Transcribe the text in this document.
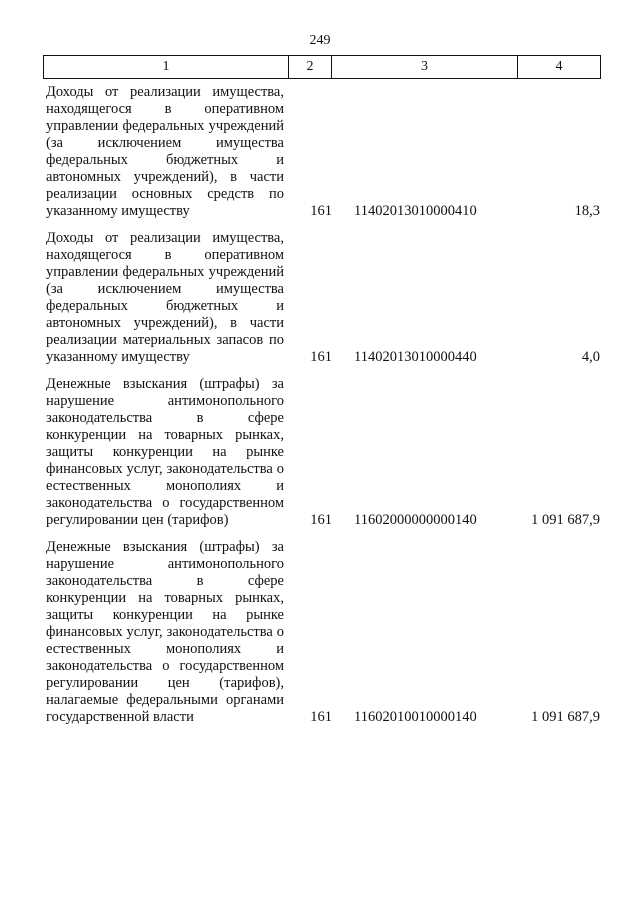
249
1	2	3	4
Доходы от реализации имущества, находящегося в оперативном управлении федеральных учреждений (за исключением имущества федеральных бюджетных и автономных учреждений), в части реализации основных средств по указанному имуществу	161	11402013010000410	18,3
Доходы от реализации имущества, находящегося в оперативном управлении федеральных учреждений (за исключением имущества федеральных бюджетных и автономных учреждений), в части реализации материальных запасов по указанному имуществу	161	11402013010000440	4,0
Денежные взыскания (штрафы) за нарушение антимонопольного законодательства в сфере конкуренции на товарных рынках, защиты конкуренции на рынке финансовых услуг, законодательства о естественных монополиях и законодательства о государственном регулировании цен (тарифов)	161	11602000000000140	1 091 687,9
Денежные взыскания (штрафы) за нарушение антимонопольного законодательства в сфере конкуренции на товарных рынках, защиты конкуренции на рынке финансовых услуг, законодательства о естественных монополиях и законодательства о государственном регулировании цен (тарифов), налагаемые федеральными органами государственной власти	161	11602010010000140	1 091 687,9
